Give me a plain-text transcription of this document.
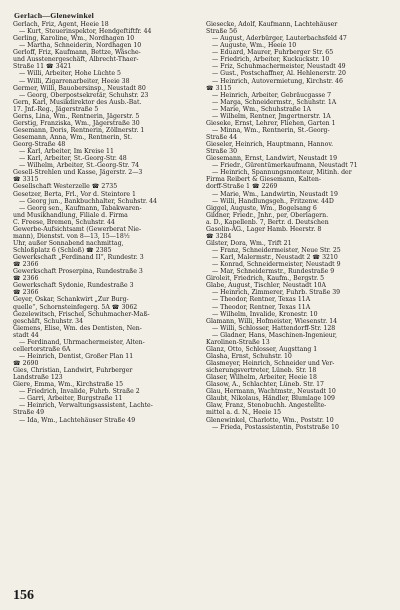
Gerlach—Glenewinkel
Gerlach, Friz, Agent, Heeie 18
— Kurt, Steuerinspektor, Hendgeftiftfr. 44
Gerling, Karoline, Wm., Nordhagen 10
— Martha, Schneiderin, Nordhagen 10
Gerloff, Friz, Kaufmann, Bettze, Wäsche-
und Ausstenergeschäft, Albrecht-Thaer-
Straße 11 ☎ 3421
— Willi, Arbeiter, Hohe Lüchte 5
— Willi, Zigarrenarbeiter, Heeie 38
Germer, Willi, Bauobersinsp., Neustadt 80
— Georg, Oberpostsekretär, Schuhstr. 23
Gern, Karl, Musikdirektor des Ausb.-Bat.
17. Jnf.-Reg., Jägerstraße 5
Gerns, Lina, Wm., Rentnerin, Jägerstr. 5
Gerstig, Franziska, Wm., Jägerstraße 30
Gesemann, Doris, Rentnerin, Zöllnerstr. 1
Gesemann, Anna, Wm., Rentnerin, St.
Georg-Straße 48
— Karl, Arbeiter, Im Kreise 11
— Karl, Arbeiter, St.-Georg-Str. 48
— Wilhelm, Arbeiter, St.-Georg-Str. 74
Gesell-Strehlen und Kasse, Jägerstr. 2—3
☎ 3315
Gesellschaft Westerzelle ☎ 2735
Gesetzer, Berta, Frl., Vor d. Steintore 1
— Georg jun., Bankbuchhalter, Schuhstr. 44
— Georg sen., Kaufmann, Tabakwaren-
und Musikhandlung, Filiale d. Firma
C. Freese, Bremen, Schuhstr. 44
Gewerbe-Aufsichtsamt (Gewerberat Nie-
mann), Dienstst. von 8—13, 15—18½
Uhr, außer Sonnabend nachmittag,
Schloßplatz 6 (Schloß) ☎ 2385
Gewerkschaft „Ferdinand II“, Rundestr. 3
☎ 2366
Gewerkschaft Proserpina, Rundestraße 3
☎ 2366
Gewerkschaft Sydonie, Rundestraße 3
☎ 2366
Geyer, Oskar, Schankwirt „Zur Burg-
quelle“, Schornsteinfegerg. 5A ☎ 3062
Gezelewitsch, Frischel, Schuhmacher-Maß-
geschäft, Schuhstr. 34
Giemens, Elise, Wm. des Dentisten, Nen-
stadt 44
— Ferdinand, Uhrmachermeister, Alten-
cellertorstraße 6A
— Heinrich, Dentist, Großer Plan 11
☎ 2690
Gies, Christian, Landwirt, Fuhrberger
Landstraße 123
Giere, Emma, Wm., Kirchstraße 15
— Friedrich, Invalide, Fuhrb. Straße 2
— Garri, Arbeiter, Burgstraße 11
— Heinrich, Verwaltungsassistent, Lachte-
Straße 49
— Ida, Wm., Lachtehäuser Straße 49
Giesecke, Adolf, Kaufmann, Lachtehäuser
Straße 56
— August, Aderbürger, Lauterbachsfeld 47
— Auguste, Wm., Heeie 10
— Eduard, Maurer, Fuhrberger Str. 65
— Friedrich, Arbeiter, Kuckuckstr. 10
— Friz, Schuhmachermeister, Neustadt 49
— Gust., Postschaffner, Al. Hehlenerstr. 20
— Heinrich, Autovermietung, Kirchstr. 46
☎ 3115
— Heinrich, Arbeiter, Gebräucgasse 7
— Marga, Schneidermstr., Schuhstr. 1A
— Marie, Wm., Schuhstraße 1A
— Wilhelm, Rentner, Jmgertnerstr. 1A
Gieseke, Ernst, Lehrer, Fliehen, Garten 1
— Minna, Wm., Rentnerin, St.-Georg-
Straße 44
Gieseler, Heinrich, Hauptmann, Hannov.
Straße 30
Giesemann, Ernst, Landwirt, Neustadt 19
— Friedr., Gürentümerkaufmann, Neustadt 71
— Heinrich, Spannungsmonteur, Mitinh. der
Firma Reibert & Giesemann, Kalten-
dorff-Straße 1 ☎ 2269
— Marie, Wm., Landwirtin, Neustadt 19
— Willi, Handlungsgeh., Fritzenw. 44D
Giggel, Auguste, Wm., Bogelsang 6
Gildner, Friedr., Jnhr., per, Oberlagern.
a. D., Kapellenb. 7, Bertr. d. Deutschen
Gasolin-AG., Lager Hamb. Heerstr. 8
☎ 3284
Gilster, Dora, Wm., Trift 21
— Franz, Schneidermeister, Neue Str. 25
— Karl, Malermstr., Neustadt 2 ☎ 3210
— Konrad, Schneidermeister, Neustadt 9
— Mar, Schneidermstr., Rundestraße 9
Giroleit, Friedrich, Kaufm., Bergstr. 5
Glabe, August, Tischler, Neustadt 10A
— Heinrich, Zimmerer, Fuhrb. Straße 39
— Theodor, Rentner, Texas 11A
— Theodor, Rentner, Texas 11A
— Wilhelm, Invalide, Kronestr. 10
Glamann, Willi, Hofmeister, Wiesenstr. 14
— Willi, Schlosser, Hattendorff-Str. 128
— Gladner, Hans, Maschinen-Ingenieur,
Karolinen-Straße 13
Glanz, Otto, Schlosser, Augsttang 1
Glasha, Ernst, Schuhstr. 10
Glasmeyer, Heinrich, Schneider und Ver-
sicherungsvertreter, Lüneb. Str. 18
Glaser, Wilhelm, Arbeiter, Heeie 18
Glasow, A., Schlachter, Lüneb. Str. 17
Glau, Hermann, Wachtmstr., Neustadt 10
Glaubt, Nikolaus, Händler, Blumlage 109
Glaw, Franz, Stenobuchh. Angestellte-
mittel a. d. N., Heeie 15
Glenewinkel, Charlotte, Wm., Poststr. 10
— Frieda, Postassistentin, Poststraße 10
156
